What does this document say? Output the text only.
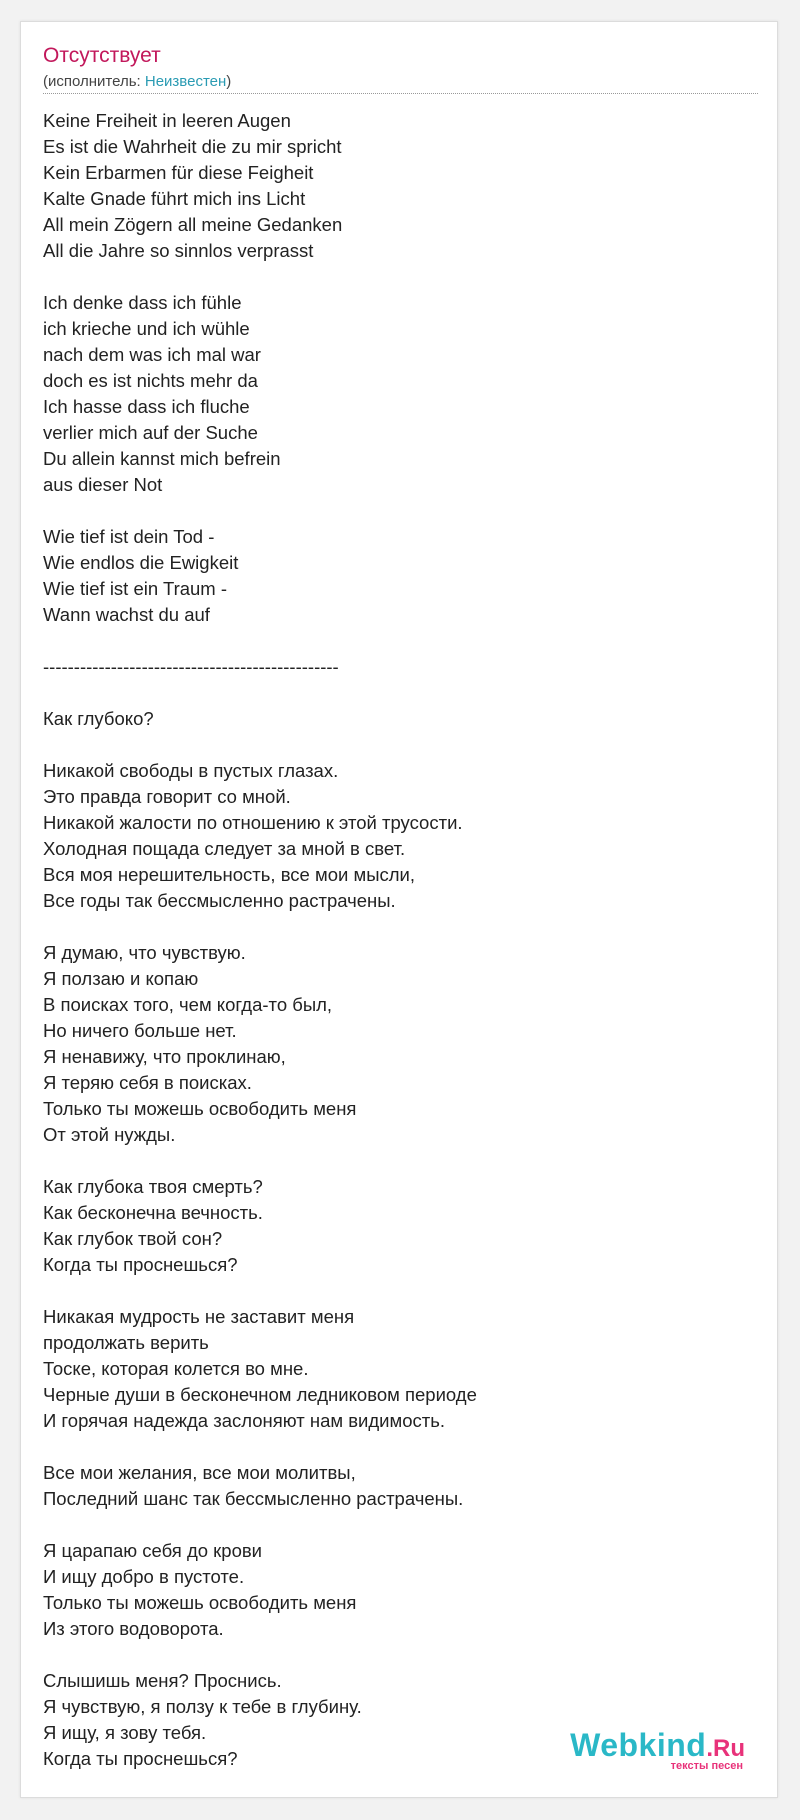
Отсутствует
(исполнитель: Неизвестен)
Keine Freiheit in leeren Augen
Es ist die Wahrheit die zu mir spricht
Kein Erbarmen für diese Feigheit
Kalte Gnade führt mich ins Licht
All mein Zögern all meine Gedanken
All die Jahre so sinnlos verprasst

Ich denke dass ich fühle
ich krieche und ich wühle
nach dem was ich mal war
doch es ist nichts mehr da
Ich hasse dass ich fluche
verlier mich auf der Suche
Du allein kannst mich befrein
aus dieser Not

Wie tief ist dein Tod -
Wie endlos die Ewigkeit
Wie tief ist ein Traum -
Wann wachst du auf

------------------------------------------------

Как глубоко?

Никакой свободы в пустых глазах.
Это правда говорит со мной.
Никакой жалости по отношению к этой трусости.
Холодная пощада следует за мной в свет.
Вся моя нерешительность, все мои мысли,
Все годы так бессмысленно растрачены.

Я думаю, что чувствую.
Я ползаю и копаю
В поисках того, чем когда-то был,
Но ничего больше нет.
Я ненавижу, что проклинаю,
Я теряю себя в поисках.
Только ты можешь освободить меня
От этой нужды.

Как глубока твоя смерть?
Как бесконечна вечность.
Как глубок твой сон?
Когда ты проснешься?

Никакая мудрость не заставит меня
продолжать верить
Тоске, которая колется во мне.
Черные души в бесконечном ледниковом периоде
И горячая надежда заслоняют нам видимость.

Все мои желания, все мои молитвы,
Последний шанс так бессмысленно растрачены.

Я царапаю себя до крови
И ищу добро в пустоте.
Только ты можешь освободить меня
Из этого водоворота.

Слышишь меня? Проснись.
Я чувствую, я ползу к тебе в глубину.
Я ищу, я зову тебя.
Когда ты проснешься?	Webkind.Ru
тексты песен
